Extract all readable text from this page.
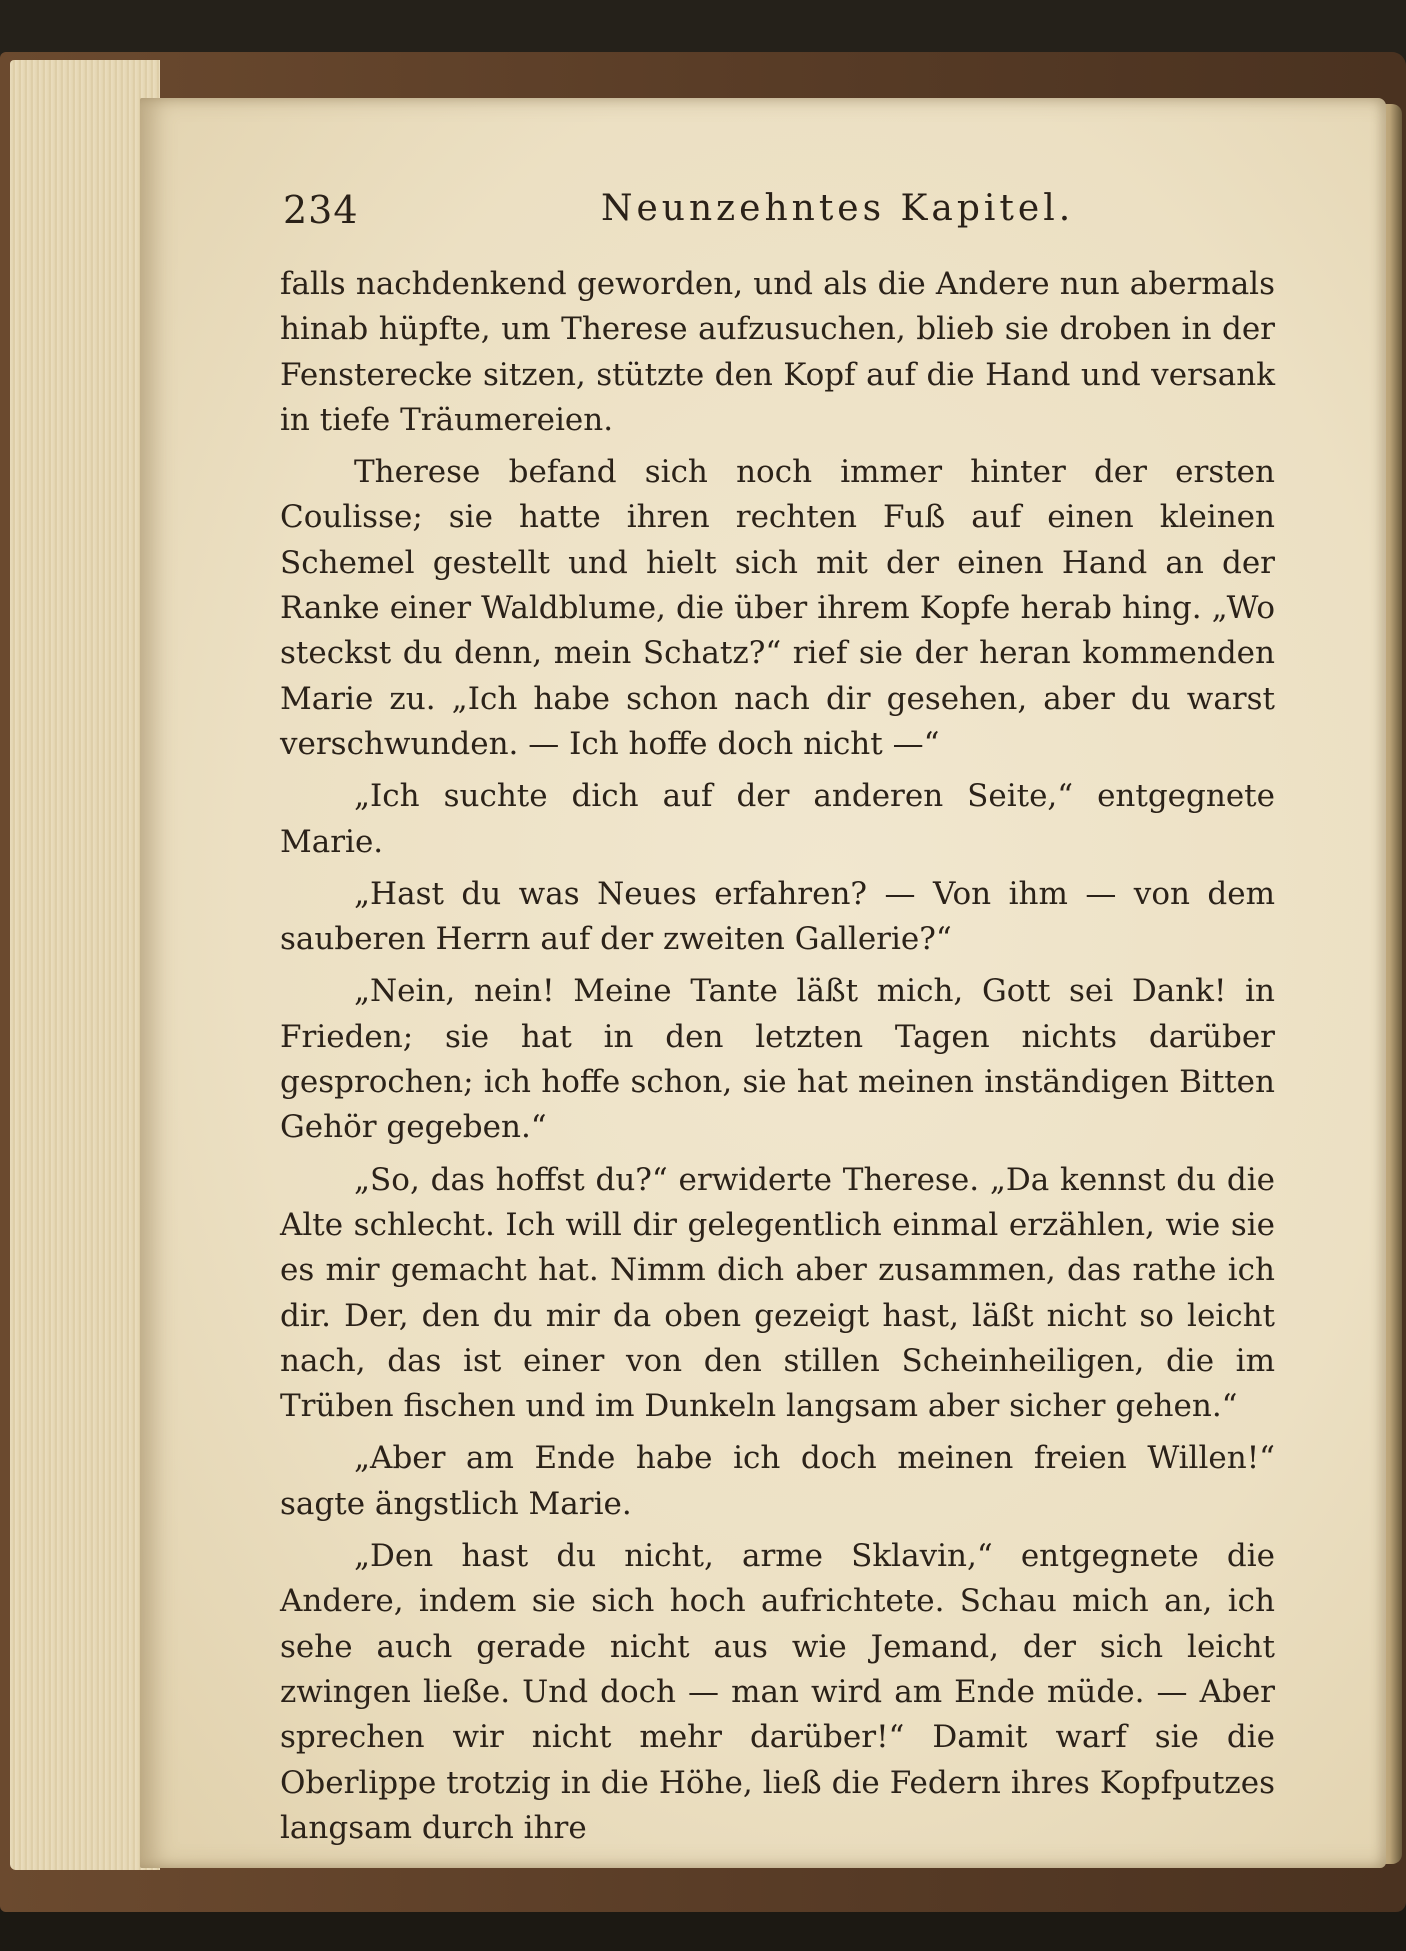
234	Neunzehntes Kapitel.

falls nachdenkend geworden, und als die Andere nun abermals hinab hüpfte, um Therese aufzusuchen, blieb sie droben in der Fensterecke sitzen, stützte den Kopf auf die Hand und versank in tiefe Träumereien.

Therese befand sich noch immer hinter der ersten Coulisse; sie hatte ihren rechten Fuß auf einen kleinen Schemel gestellt und hielt sich mit der einen Hand an der Ranke einer Waldblume, die über ihrem Kopfe herab hing. „Wo steckst du denn, mein Schatz?“ rief sie der heran kommenden Marie zu. „Ich habe schon nach dir gesehen, aber du warst verschwunden. — Ich hoffe doch nicht —“

„Ich suchte dich auf der anderen Seite,“ entgegnete Marie.

„Hast du was Neues erfahren? — Von ihm — von dem sauberen Herrn auf der zweiten Gallerie?“

„Nein, nein! Meine Tante läßt mich, Gott sei Dank! in Frieden; sie hat in den letzten Tagen nichts darüber gesprochen; ich hoffe schon, sie hat meinen inständigen Bitten Gehör gegeben.“

„So, das hoffst du?“ erwiderte Therese. „Da kennst du die Alte schlecht. Ich will dir gelegentlich einmal erzählen, wie sie es mir gemacht hat. Nimm dich aber zusammen, das rathe ich dir. Der, den du mir da oben gezeigt hast, läßt nicht so leicht nach, das ist einer von den stillen Scheinheiligen, die im Trüben fischen und im Dunkeln langsam aber sicher gehen.“

„Aber am Ende habe ich doch meinen freien Willen!“ sagte ängstlich Marie.

„Den hast du nicht, arme Sklavin,“ entgegnete die Andere, indem sie sich hoch aufrichtete. Schau mich an, ich sehe auch gerade nicht aus wie Jemand, der sich leicht zwingen ließe. Und doch — man wird am Ende müde. — Aber sprechen wir nicht mehr darüber!“ Damit warf sie die Oberlippe trotzig in die Höhe, ließ die Federn ihres Kopfputzes langsam durch ihre
